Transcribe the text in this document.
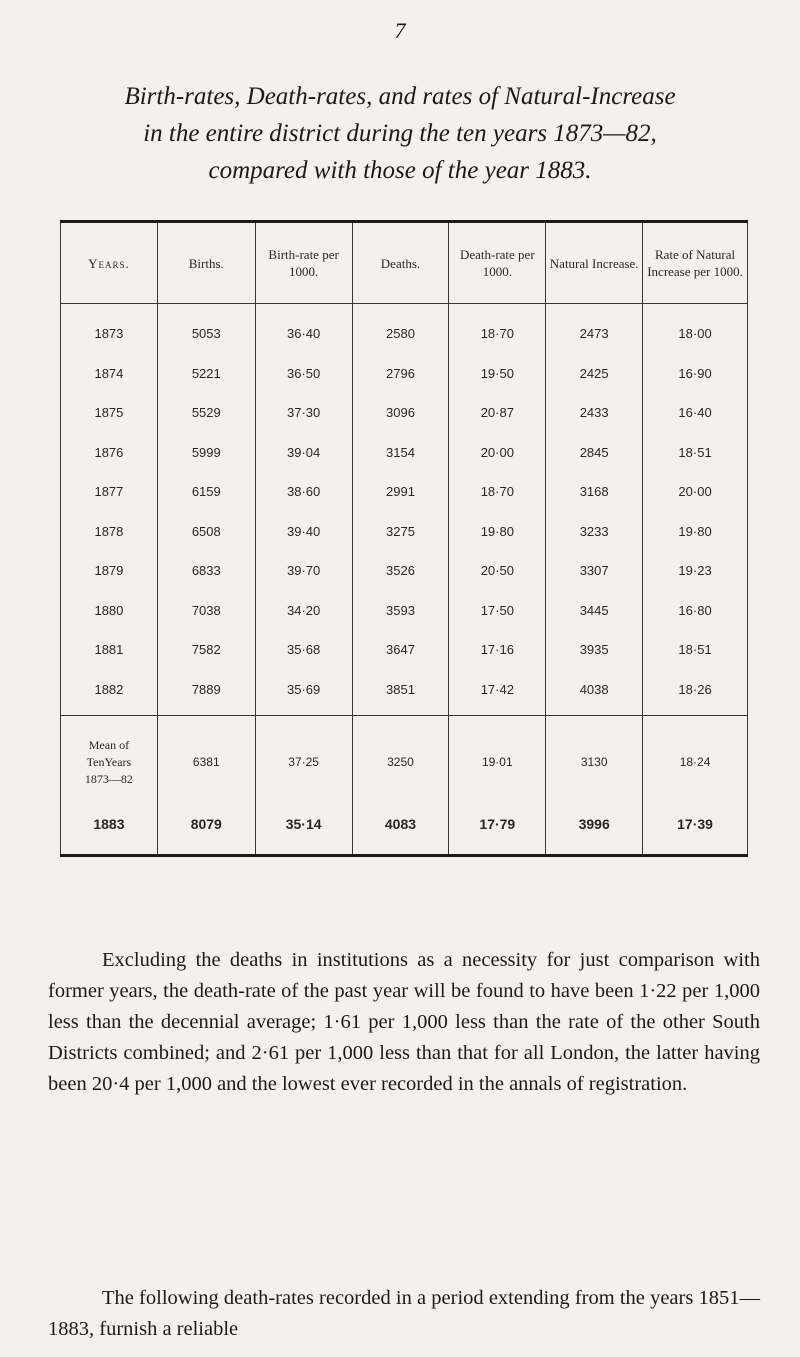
7
Birth-rates, Death-rates, and rates of Natural-Increase
in the entire district during the ten years 1873—82,
compared with those of the year 1883.
Years.	Births.	Birth-rate per 1000.	Deaths.	Death-rate per 1000.	Natural Increase.	Rate of Natural Increase per 1000.
1873	5053	36·40	2580	18·70	2473	18·00
1874	5221	36·50	2796	19·50	2425	16·90
1875	5529	37·30	3096	20·87	2433	16·40
1876	5999	39·04	3154	20·00	2845	18·51
1877	6159	38·60	2991	18·70	3168	20·00
1878	6508	39·40	3275	19·80	3233	19·80
1879	6833	39·70	3526	20·50	3307	19·23
1880	7038	34·20	3593	17·50	3445	16·80
1881	7582	35·68	3647	17·16	3935	18·51
1882	7889	35·69	3851	17·42	4038	18·26

Mean of
TenYears
1873—82	6381	37·25	3250	19·01	3130	18·24
1883	8079	35·14	4083	17·79	3996	17·39

Excluding the deaths in institutions as a necessity for just comparison with former years, the death-rate of the past year will be found to have been 1·22 per 1,000 less than the decennial average; 1·61 per 1,000 less than the rate of the other South Districts combined; and 2·61 per 1,000 less than that for all London, the latter having been 20·4 per 1,000 and the lowest ever recorded in the annals of registration.

The following death-rates recorded in a period extending from the years 1851—1883, furnish a reliable
